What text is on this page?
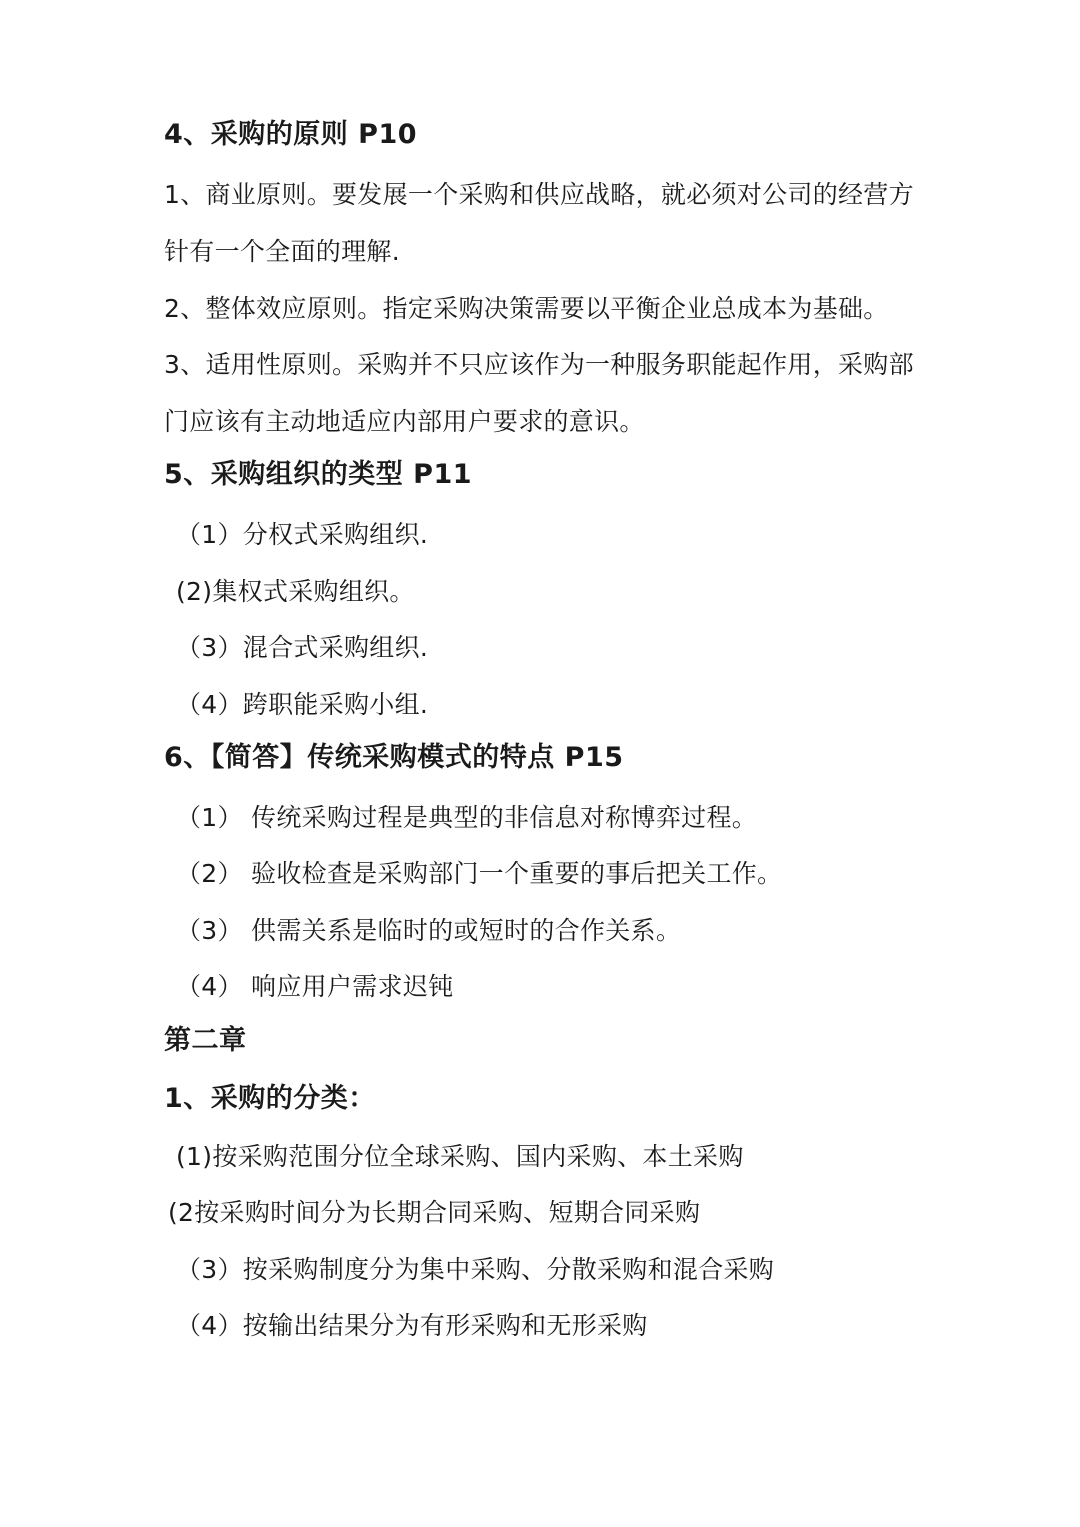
4、采购的原则 P10
1、商业原则。要发展一个采购和供应战略，就必须对公司的经营方
针有一个全面的理解.
2、整体效应原则。指定采购决策需要以平衡企业总成本为基础。
3、适用性原则。采购并不只应该作为一种服务职能起作用，采购部
门应该有主动地适应内部用户要求的意识。
5、采购组织的类型 P11
（1）分权式采购组织.
(2)集权式采购组织。
（3）混合式采购组织.
（4）跨职能采购小组.
6、【简答】传统采购模式的特点 P15
（1） 传统采购过程是典型的非信息对称博弈过程。
（2） 验收检查是采购部门一个重要的事后把关工作。
（3） 供需关系是临时的或短时的合作关系。
（4） 响应用户需求迟钝
第二章
1、采购的分类：
(1)按采购范围分位全球采购、国内采购、本土采购
(2按采购时间分为长期合同采购、短期合同采购
（3）按采购制度分为集中采购、分散采购和混合采购
（4）按输出结果分为有形采购和无形采购
